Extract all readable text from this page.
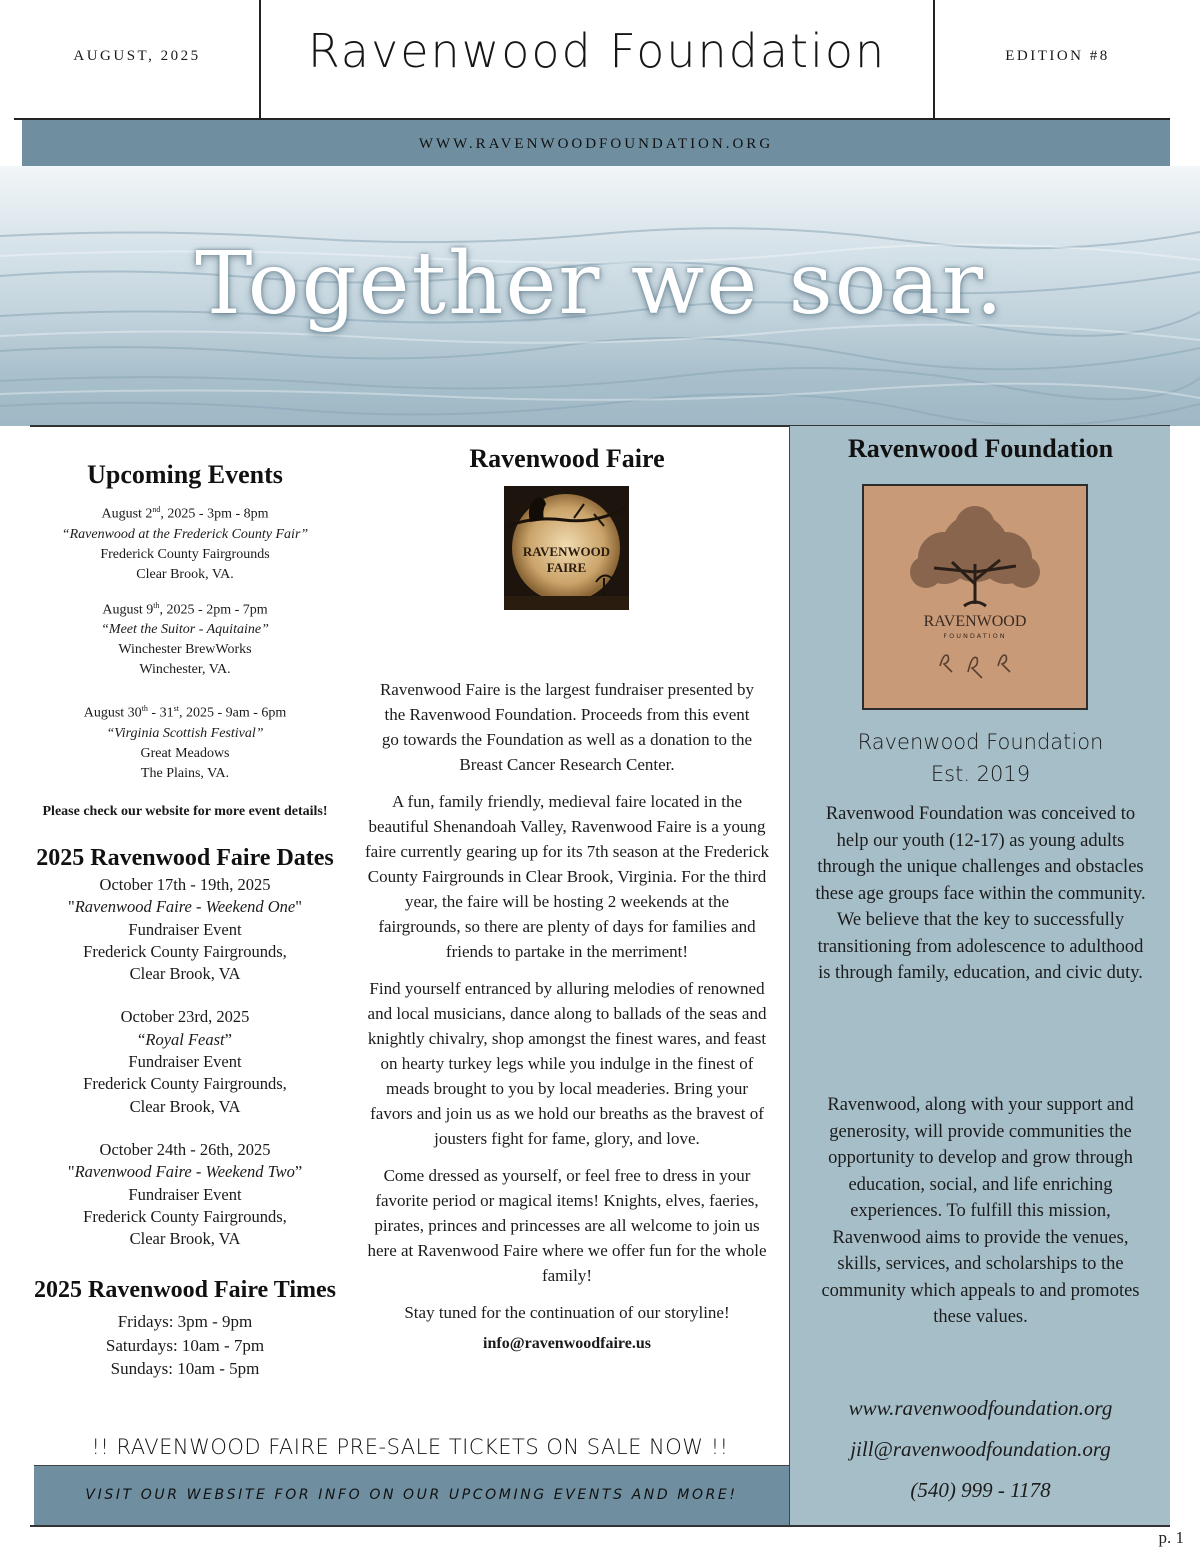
AUGUST, 2025	Ravenwood Foundation	EDITION #8
WWW.RAVENWOODFOUNDATION.ORG
Together we soar.
Upcoming Events
August 2nd, 2025 - 3pm - 8pm
“Ravenwood at the Frederick County Fair”
Frederick County Fairgrounds
Clear Brook, VA.
August 9th, 2025 - 2pm - 7pm
“Meet the Suitor - Aquitaine”
Winchester BrewWorks
Winchester, VA.
August 30th - 31st, 2025 - 9am - 6pm
“Virginia Scottish Festival”
Great Meadows
The Plains, VA.
Please check our website for more event details!
2025 Ravenwood Faire Dates
October 17th - 19th, 2025
"Ravenwood Faire - Weekend One"
Fundraiser Event
Frederick County Fairgrounds,
Clear Brook, VA
October 23rd, 2025
“Royal Feast”
Fundraiser Event
Frederick County Fairgrounds,
Clear Brook, VA
October 24th - 26th, 2025
"Ravenwood Faire - Weekend Two”
Fundraiser Event
Frederick County Fairgrounds,
Clear Brook, VA
2025 Ravenwood Faire Times
Fridays: 3pm - 9pm
Saturdays: 10am - 7pm
Sundays: 10am - 5pm
Ravenwood Faire
RAVENWOOD
FAIRE

Ravenwood Faire is the largest fundraiser presented by the Ravenwood Foundation. Proceeds from this event go towards the Foundation as well as a donation to the Breast Cancer Research Center.

A fun, family friendly, medieval faire located in the beautiful Shenandoah Valley, Ravenwood Faire is a young faire currently gearing up for its 7th season at the Frederick County Fairgrounds in Clear Brook, Virginia. For the third year, the faire will be hosting 2 weekends at the fairgrounds, so there are plenty of days for families and friends to partake in the merriment!

Find yourself entranced by alluring melodies of renowned and local musicians, dance along to ballads of the seas and knightly chivalry, shop amongst the finest wares, and feast on hearty turkey legs while you indulge in the finest of meads brought to you by local meaderies. Bring your favors and join us as we hold our breaths as the bravest of jousters fight for fame, glory, and love.

Come dressed as yourself, or feel free to dress in your favorite period or magical items! Knights, elves, faeries, pirates, princes and princesses are all welcome to join us here at Ravenwood Faire where we offer fun for the whole family!

Stay tuned for the continuation of our storyline!

info@ravenwoodfaire.us

Ravenwood Foundation
RAVENWOOD
FOUNDATION
Ravenwood Foundation
Est. 2019

Ravenwood Foundation was conceived to help our youth (12-17) as young adults through the unique challenges and obstacles these age groups face within the community. We believe that the key to successfully transitioning from adolescence to adulthood is through family, education, and civic duty.

Ravenwood, along with your support and generosity, will provide communities the opportunity to develop and grow through education, social, and life enriching experiences. To fulfill this mission, Ravenwood aims to provide the venues, skills, services, and scholarships to the community which appeals to and promotes these values.

www.ravenwoodfoundation.org
jill@ravenwoodfoundation.org
(540) 999 - 1178
!! RAVENWOOD FAIRE PRE-SALE TICKETS ON SALE NOW !!
VISIT OUR WEBSITE FOR INFO ON OUR UPCOMING EVENTS AND MORE!
p. 1
